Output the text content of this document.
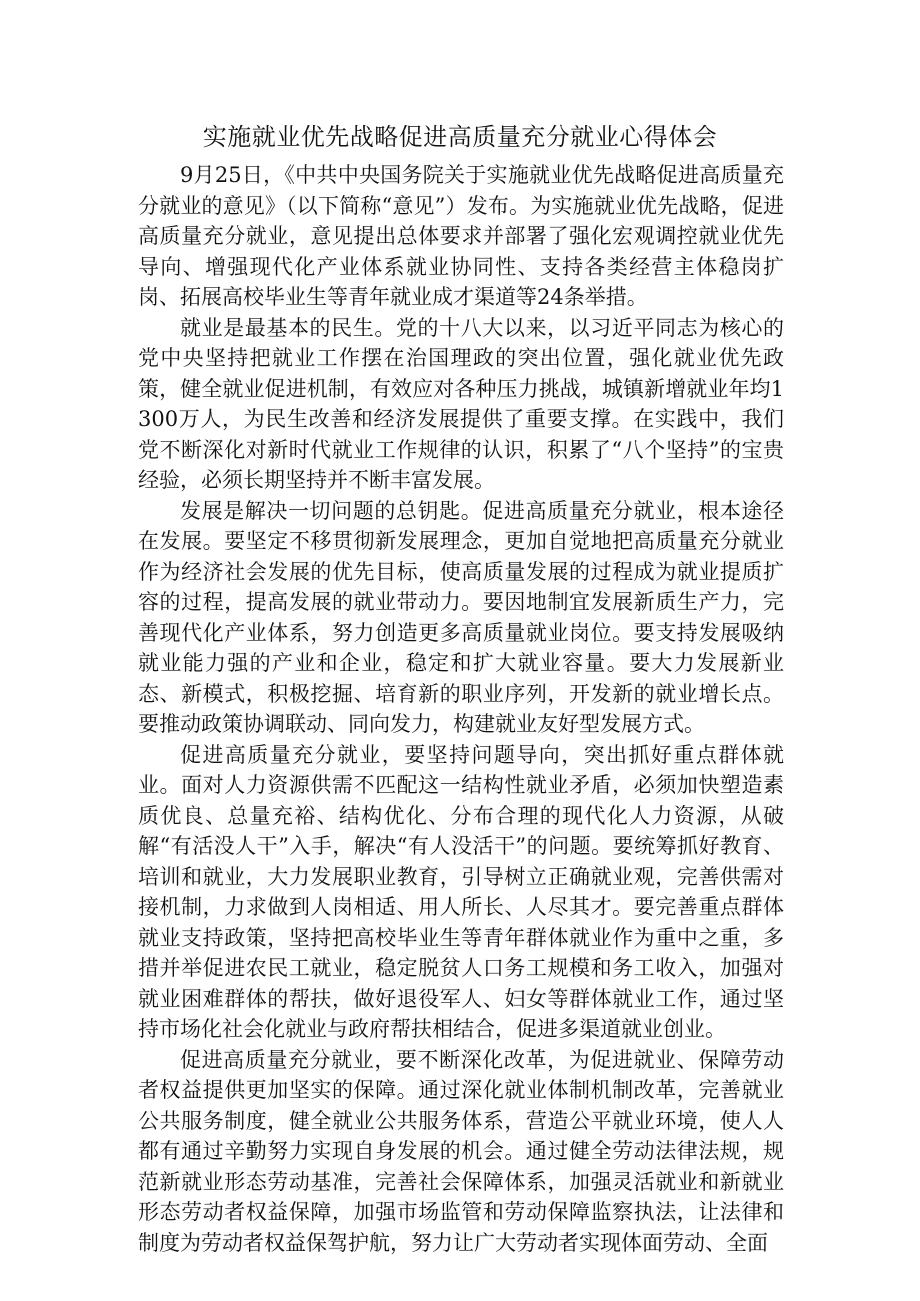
实施就业优先战略促进高质量充分就业心得体会

9月25日，《中共中央国务院关于实施就业优先战略促进高质量充分就业的意见》（以下简称“意见”）发布。为实施就业优先战略，促进高质量充分就业，意见提出总体要求并部署了强化宏观调控就业优先导向、增强现代化产业体系就业协同性、支持各类经营主体稳岗扩岗、拓展高校毕业生等青年就业成才渠道等24条举措。

就业是最基本的民生。党的十八大以来，以习近平同志为核心的党中央坚持把就业工作摆在治国理政的突出位置，强化就业优先政策，健全就业促进机制，有效应对各种压力挑战，城镇新增就业年均1300万人，为民生改善和经济发展提供了重要支撑。在实践中，我们党不断深化对新时代就业工作规律的认识，积累了“八个坚持”的宝贵经验，必须长期坚持并不断丰富发展。

发展是解决一切问题的总钥匙。促进高质量充分就业，根本途径在发展。要坚定不移贯彻新发展理念，更加自觉地把高质量充分就业作为经济社会发展的优先目标，使高质量发展的过程成为就业提质扩容的过程，提高发展的就业带动力。要因地制宜发展新质生产力，完善现代化产业体系，努力创造更多高质量就业岗位。要支持发展吸纳就业能力强的产业和企业，稳定和扩大就业容量。要大力发展新业态、新模式，积极挖掘、培育新的职业序列，开发新的就业增长点。要推动政策协调联动、同向发力，构建就业友好型发展方式。

促进高质量充分就业，要坚持问题导向，突出抓好重点群体就业。面对人力资源供需不匹配这一结构性就业矛盾，必须加快塑造素质优良、总量充裕、结构优化、分布合理的现代化人力资源，从破解“有活没人干”入手，解决“有人没活干”的问题。要统筹抓好教育、培训和就业，大力发展职业教育，引导树立正确就业观，完善供需对接机制，力求做到人岗相适、用人所长、人尽其才。要完善重点群体就业支持政策，坚持把高校毕业生等青年群体就业作为重中之重，多措并举促进农民工就业，稳定脱贫人口务工规模和务工收入，加强对就业困难群体的帮扶，做好退役军人、妇女等群体就业工作，通过坚持市场化社会化就业与政府帮扶相结合，促进多渠道就业创业。

促进高质量充分就业，要不断深化改革，为促进就业、保障劳动者权益提供更加坚实的保障。通过深化就业体制机制改革，完善就业公共服务制度，健全就业公共服务体系，营造公平就业环境，使人人都有通过辛勤努力实现自身发展的机会。通过健全劳动法律法规，规范新就业形态劳动基准，完善社会保障体系，加强灵活就业和新就业形态劳动者权益保障，加强市场监管和劳动保障监察执法，让法律和制度为劳动者权益保驾护航，努力让广大劳动者实现体面劳动、全面
